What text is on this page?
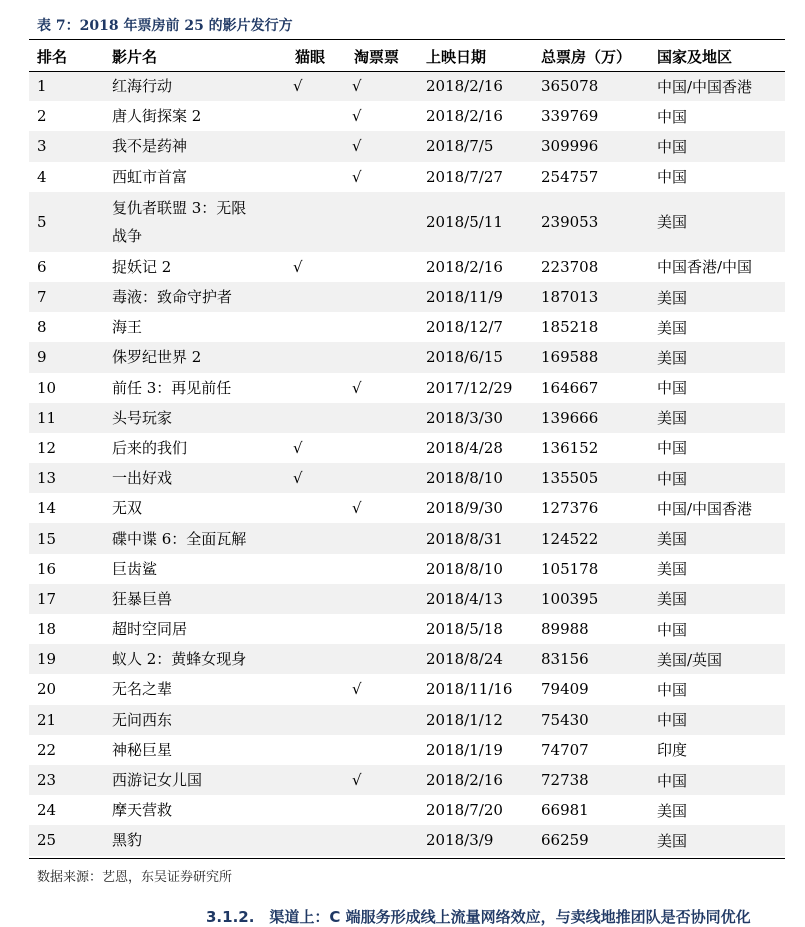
表 7：2018 年票房前 25 的影片发行方
排名	影片名	猫眼	淘票票	上映日期	总票房（万）	国家及地区
1	红海行动	√	√	2018/2/16	365078	中国/中国香港
2	唐人街探案 2		√	2018/2/16	339769	中国
3	我不是药神		√	2018/7/5	309996	中国
4	西虹市首富		√	2018/7/27	254757	中国
5	复仇者联盟 3：无限战争			2018/5/11	239053	美国
6	捉妖记 2	√		2018/2/16	223708	中国香港/中国
7	毒液：致命守护者			2018/11/9	187013	美国
8	海王			2018/12/7	185218	美国
9	侏罗纪世界 2			2018/6/15	169588	美国
10	前任 3：再见前任		√	2017/12/29	164667	中国
11	头号玩家			2018/3/30	139666	美国
12	后来的我们	√		2018/4/28	136152	中国
13	一出好戏	√		2018/8/10	135505	中国
14	无双		√	2018/9/30	127376	中国/中国香港
15	碟中谍 6：全面瓦解			2018/8/31	124522	美国
16	巨齿鲨			2018/8/10	105178	美国
17	狂暴巨兽			2018/4/13	100395	美国
18	超时空同居			2018/5/18	89988	中国
19	蚁人 2：黄蜂女现身			2018/8/24	83156	美国/英国
20	无名之辈		√	2018/11/16	79409	中国
21	无问西东			2018/1/12	75430	中国
22	神秘巨星			2018/1/19	74707	印度
23	西游记女儿国		√	2018/2/16	72738	中国
24	摩天营救			2018/7/20	66981	美国
25	黑豹			2018/3/9	66259	美国
数据来源：艺恩，东吴证券研究所
3.1.2.　渠道上：C 端服务形成线上流量网络效应，与卖线地推团队是否协同优化
